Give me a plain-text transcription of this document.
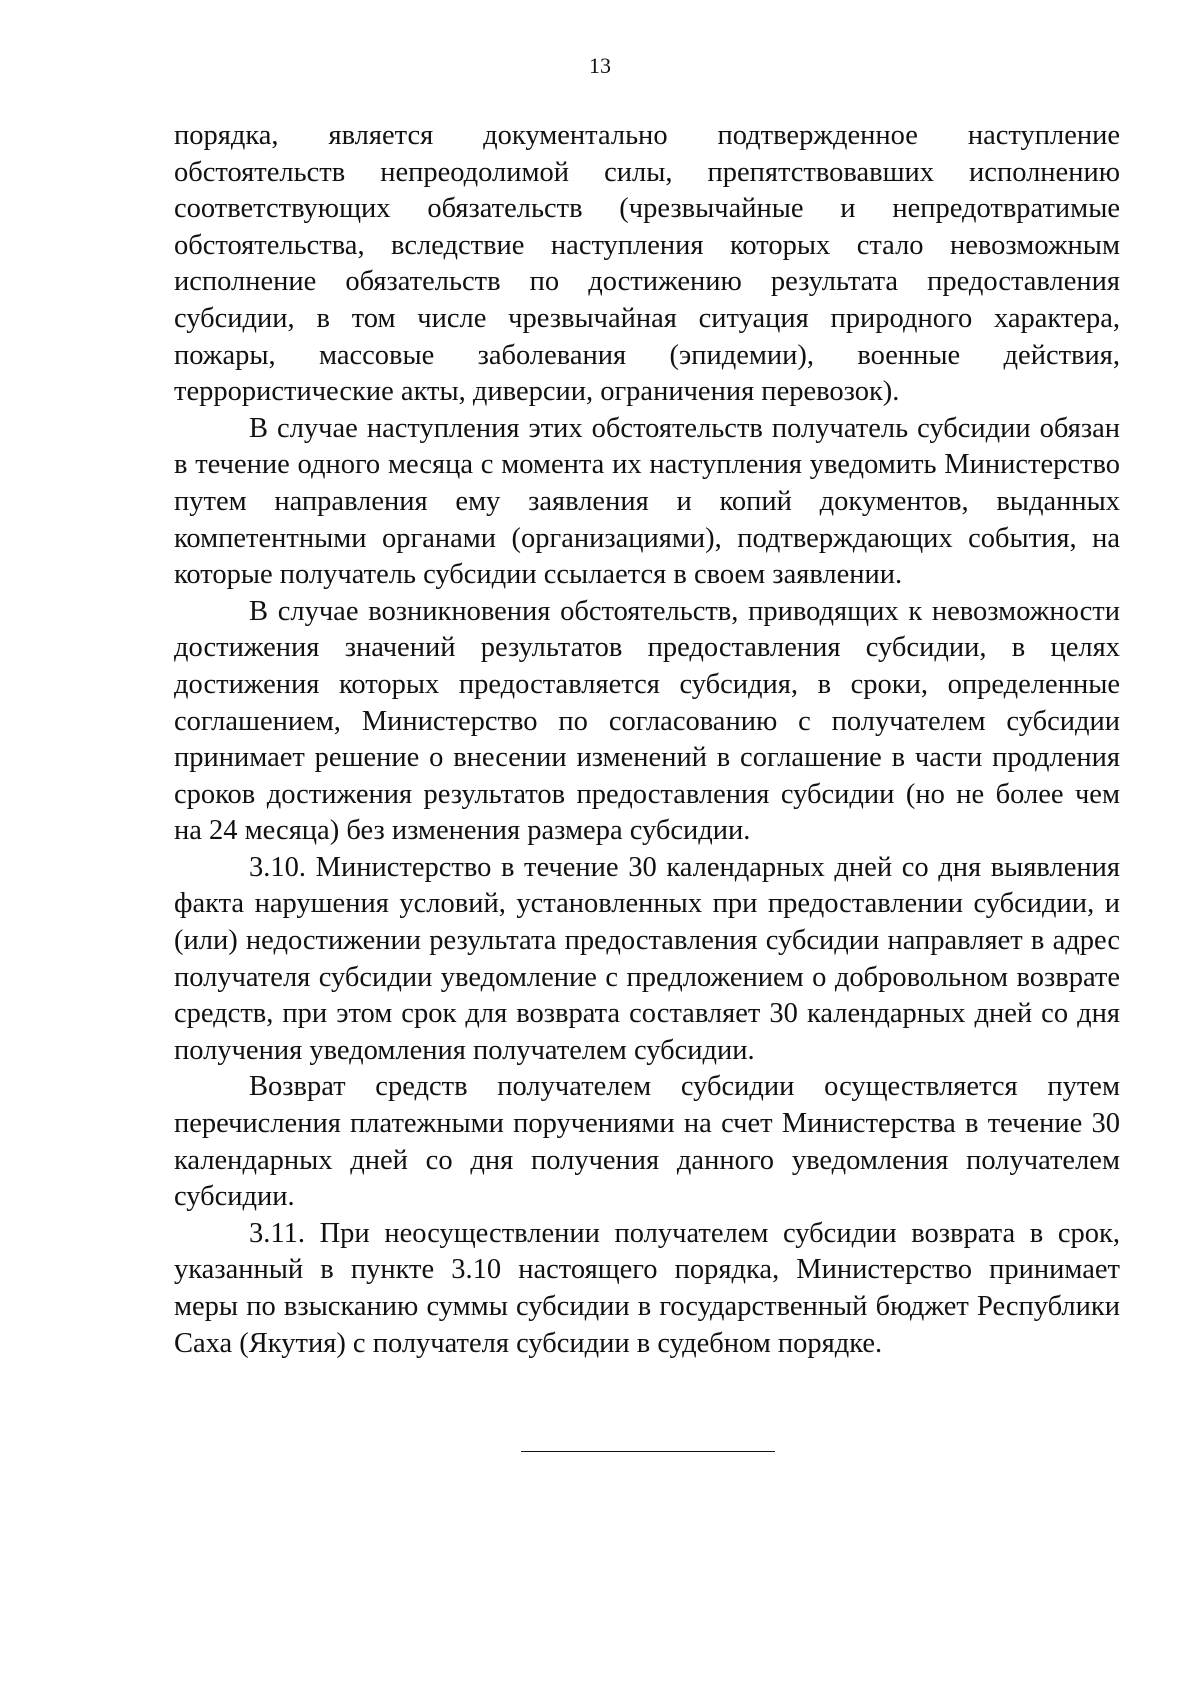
13

порядка, является документально подтвержденное наступление обстоятельств непреодолимой силы, препятствовавших исполнению соответствующих обязательств (чрезвычайные и непредотвратимые обстоятельства, вследствие наступления которых стало невозможным исполнение обязательств по достижению результата предоставления субсидии, в том числе чрезвычайная ситуация природного характера, пожары, массовые заболевания (эпидемии), военные действия, террористические акты, диверсии, ограничения перевозок).

В случае наступления этих обстоятельств получатель субсидии обязан в течение одного месяца с момента их наступления уведомить Министерство путем направления ему заявления и копий документов, выданных компетентными органами (организациями), подтверждающих события, на которые получатель субсидии ссылается в своем заявлении.

В случае возникновения обстоятельств, приводящих к невозможности достижения значений результатов предоставления субсидии, в целях достижения которых предоставляется субсидия, в сроки, определенные соглашением, Министерство по согласованию с получателем субсидии принимает решение о внесении изменений в соглашение в части продления сроков достижения результатов предоставления субсидии (но не более чем на 24 месяца) без изменения размера субсидии.

3.10. Министерство в течение 30 календарных дней со дня выявления факта нарушения условий, установленных при предоставлении субсидии, и (или) недостижении результата предоставления субсидии направляет в адрес получателя субсидии уведомление с предложением о добровольном возврате средств, при этом срок для возврата составляет 30 календарных дней со дня получения уведомления получателем субсидии.

Возврат средств получателем субсидии осуществляется путем перечисления платежными поручениями на счет Министерства в течение 30 календарных дней со дня получения данного уведомления получателем субсидии.

3.11. При неосуществлении получателем субсидии возврата в срок, указанный в пункте 3.10 настоящего порядка, Министерство принимает меры по взысканию суммы субсидии в государственный бюджет Республики Саха (Якутия) с получателя субсидии в судебном порядке.
